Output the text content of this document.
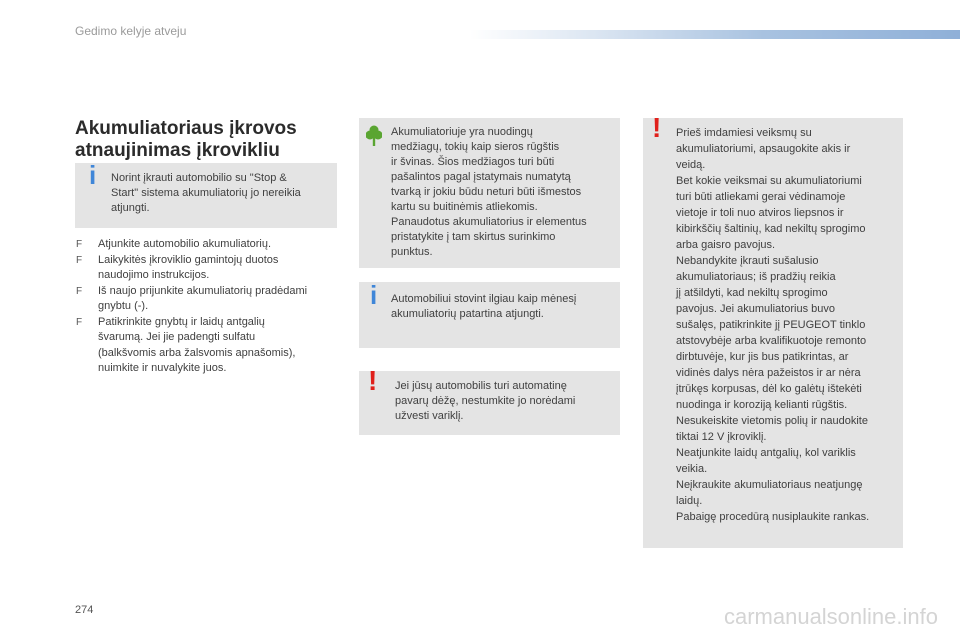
Gedimo kelyje atveju
Akumuliatoriaus įkrovos
atnaujinimas įkrovikliu
i Norint įkrauti automobilio su "Stop &
Start" sistema akumuliatorių jo nereikia
atjungti.
F Atjunkite automobilio akumuliatorių.
F Laikykitės įkroviklio gamintojų duotos
naudojimo instrukcijos.
F Iš naujo prijunkite akumuliatorių pradėdami
gnybtu (-).
F Patikrinkite gnybtų ir laidų antgalių
švarumą. Jei jie padengti sulfatu
(balkšvomis arba žalsvomis apnašomis),
nuimkite ir nuvalykite juos.
Akumuliatoriuje yra nuodingų
medžiagų, tokių kaip sieros rūgštis
ir švinas. Šios medžiagos turi būti
pašalintos pagal įstatymais numatytą
tvarką ir jokiu būdu neturi būti išmestos
kartu su buitinėmis atliekomis.
Panaudotus akumuliatorius ir elementus
pristatykite į tam skirtus surinkimo
punktus.
i Automobiliui stovint ilgiau kaip mėnesį
akumuliatorių patartina atjungti.
! Jei jūsų automobilis turi automatinę
pavarų dėžę, nestumkite jo norėdami
užvesti variklį.
! Prieš imdamiesi veiksmų su
akumuliatoriumi, apsaugokite akis ir
veidą.
Bet kokie veiksmai su akumuliatoriumi
turi būti atliekami gerai vėdinamoje
vietoje ir toli nuo atviros liepsnos ir
kibirkščių šaltinių, kad nekiltų sprogimo
arba gaisro pavojus.
Nebandykite įkrauti sušalusio
akumuliatoriaus; iš pradžių reikia
jį atšildyti, kad nekiltų sprogimo
pavojus. Jei akumuliatorius buvo
sušalęs, patikrinkite jį PEUGEOT tinklo
atstovybėje arba kvalifikuotoje remonto
dirbtuvėje, kur jis bus patikrintas, ar
vidinės dalys nėra pažeistos ir ar nėra
įtrūkęs korpusas, dėl ko galėtų ištekėti
nuodinga ir koroziją kelianti rūgštis.
Nesukeiskite vietomis polių ir naudokite
tiktai 12 V įkroviklį.
Neatjunkite laidų antgalių, kol variklis
veikia.
Neįkraukite akumuliatoriaus neatjungę
laidų.
Pabaigę procedūrą nusiplaukite rankas.
274	carmanualsonline.info
